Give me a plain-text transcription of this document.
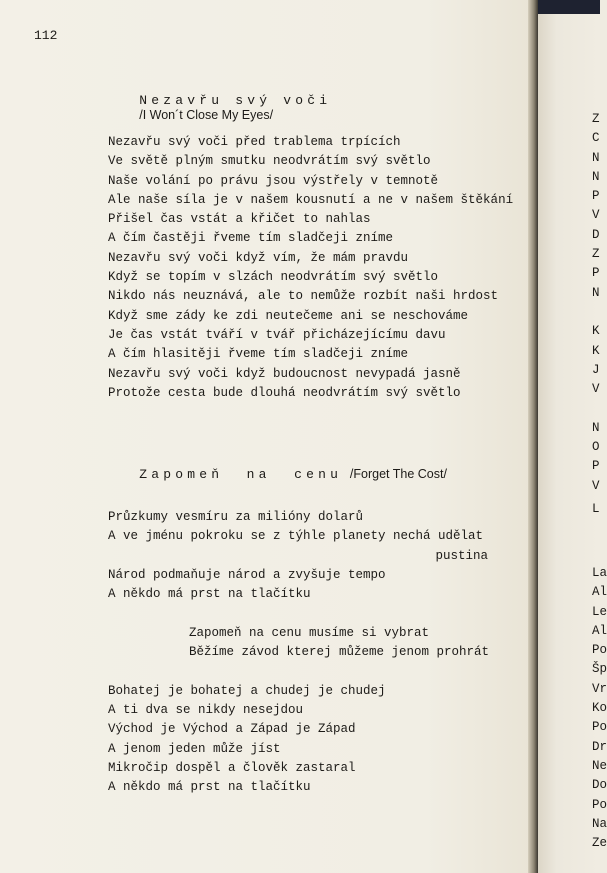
112

Nezavřu svý voči
/I Won´t Close My Eyes/

Nezavřu svý voči před trablema trpících
Ve světě plným smutku neodvrátím svý světlo
Naše volání po právu jsou výstřely v temnotě
Ale naše síla je v našem kousnutí a ne v našem štěkání
Přišel čas vstát a křičet to nahlas
A čím častěji řveme tím sladčeji zníme
Nezavřu svý voči když vím, že mám pravdu
Když se topím v slzách neodvrátím svý světlo
Nikdo nás neuznává, ale to nemůže rozbít naši hrdost
Když sme zády ke zdi neutečeme ani se neschováme
Je čas vstát tváří v tvář přicházejícímu davu
A čím hlasitěji řveme tím sladčeji zníme
Nezavřu svý voči když budoucnost nevypadá jasně
Protože cesta bude dlouhá neodvrátím svý světlo

Zapomeň na cenu /Forget The Cost/

Průzkumy vesmíru za milióny dolarů
A ve jménu pokroku se z týhle planety nechá udělat
pustina
Národ podmaňuje národ a zvyšuje tempo
A někdo má prst na tlačítku
Zapomeň na cenu musíme si vybrat
Běžíme závod kterej můžeme jenom prohrát
Bohatej je bohatej a chudej je chudej
A ti dva se nikdy nesejdou
Východ je Východ a Západ je Západ
A jenom jeden může jíst
Mikročip dospěl a člověk zastaral
A někdo má prst na tlačítku
Z
C
N
N
P
V
D
Z
P
N
K
K
J
V
N
O
P
V
L
La
Al
Le
Al
Po
Šp
Vr
Ko
Po
Dr
Ne
Do
Po
Na
Ze
